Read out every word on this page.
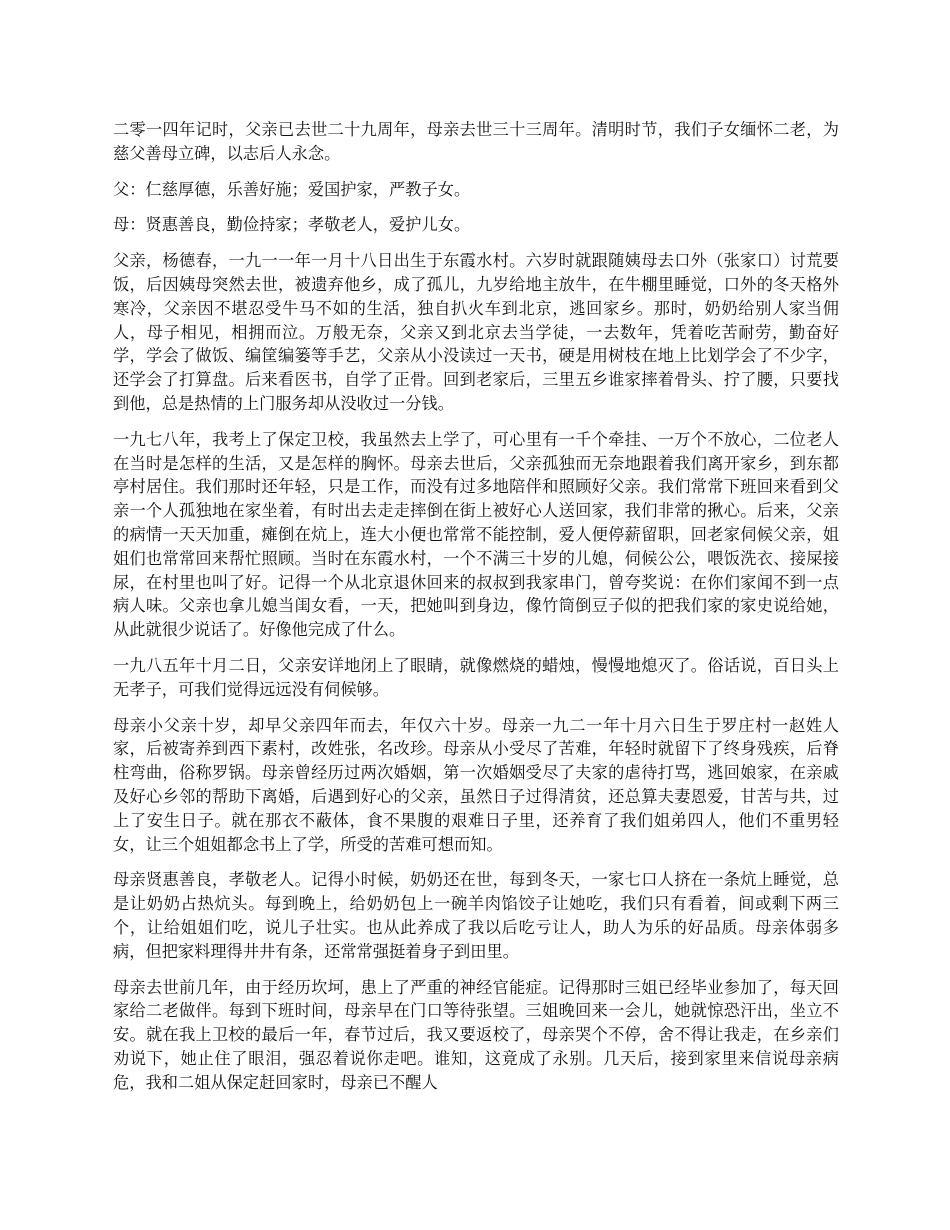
二零一四年记时，父亲已去世二十九周年，母亲去世三十三周年。清明时节，我们子女缅怀二老，为慈父善母立碑，以志后人永念。

父：仁慈厚德，乐善好施；爱国护家，严教子女。

母：贤惠善良，勤俭持家；孝敬老人，爱护儿女。

父亲，杨德春，一九一一年一月十八日出生于东霞水村。六岁时就跟随姨母去口外（张家口）讨荒要饭，后因姨母突然去世，被遗弃他乡，成了孤儿，九岁给地主放牛，在牛棚里睡觉，口外的冬天格外寒冷，父亲因不堪忍受牛马不如的生活，独自扒火车到北京，逃回家乡。那时，奶奶给别人家当佣人，母子相见，相拥而泣。万般无奈，父亲又到北京去当学徒，一去数年，凭着吃苦耐劳，勤奋好学，学会了做饭、编筐编篓等手艺，父亲从小没读过一天书，硬是用树枝在地上比划学会了不少字，还学会了打算盘。后来看医书，自学了正骨。回到老家后，三里五乡谁家摔着骨头、拧了腰，只要找到他，总是热情的上门服务却从没收过一分钱。

一九七八年，我考上了保定卫校，我虽然去上学了，可心里有一千个牵挂、一万个不放心，二位老人在当时是怎样的生活，又是怎样的胸怀。母亲去世后，父亲孤独而无奈地跟着我们离开家乡，到东都亭村居住。我们那时还年轻，只是工作，而没有过多地陪伴和照顾好父亲。我们常常下班回来看到父亲一个人孤独地在家坐着，有时出去走走摔倒在街上被好心人送回家，我们非常的揪心。后来，父亲的病情一天天加重，瘫倒在炕上，连大小便也常常不能控制，爱人便停薪留职，回老家伺候父亲，姐姐们也常常回来帮忙照顾。当时在东霞水村，一个不满三十岁的儿媳，伺候公公，喂饭洗衣、接屎接尿，在村里也叫了好。记得一个从北京退休回来的叔叔到我家串门，曾夸奖说：在你们家闻不到一点病人味。父亲也拿儿媳当闺女看，一天，把她叫到身边，像竹筒倒豆子似的把我们家的家史说给她，从此就很少说话了。好像他完成了什么。

一九八五年十月二日，父亲安详地闭上了眼睛，就像燃烧的蜡烛，慢慢地熄灭了。俗话说，百日头上无孝子，可我们觉得远远没有伺候够。

母亲小父亲十岁，却早父亲四年而去，年仅六十岁。母亲一九二一年十月六日生于罗庄村一赵姓人家，后被寄养到西下素村，改姓张，名改珍。母亲从小受尽了苦难，年轻时就留下了终身残疾，后脊柱弯曲，俗称罗锅。母亲曾经历过两次婚姻，第一次婚姻受尽了夫家的虐待打骂，逃回娘家，在亲戚及好心乡邻的帮助下离婚，后遇到好心的父亲，虽然日子过得清贫，还总算夫妻恩爱，甘苦与共，过上了安生日子。就在那衣不蔽体，食不果腹的艰难日子里，还养育了我们姐弟四人，他们不重男轻女，让三个姐姐都念书上了学，所受的苦难可想而知。

母亲贤惠善良，孝敬老人。记得小时候，奶奶还在世，每到冬天，一家七口人挤在一条炕上睡觉，总是让奶奶占热炕头。每到晚上，给奶奶包上一碗羊肉馅饺子让她吃，我们只有看着，间或剩下两三个，让给姐姐们吃，说儿子壮实。也从此养成了我以后吃亏让人，助人为乐的好品质。母亲体弱多病，但把家料理得井井有条，还常常强挺着身子到田里。

母亲去世前几年，由于经历坎坷，患上了严重的神经官能症。记得那时三姐已经毕业参加了，每天回家给二老做伴。每到下班时间，母亲早在门口等待张望。三姐晚回来一会儿，她就惊恐汗出，坐立不安。就在我上卫校的最后一年，春节过后，我又要返校了，母亲哭个不停，舍不得让我走，在乡亲们劝说下，她止住了眼泪，强忍着说你走吧。谁知，这竟成了永别。几天后，接到家里来信说母亲病危，我和二姐从保定赶回家时，母亲已不醒人
